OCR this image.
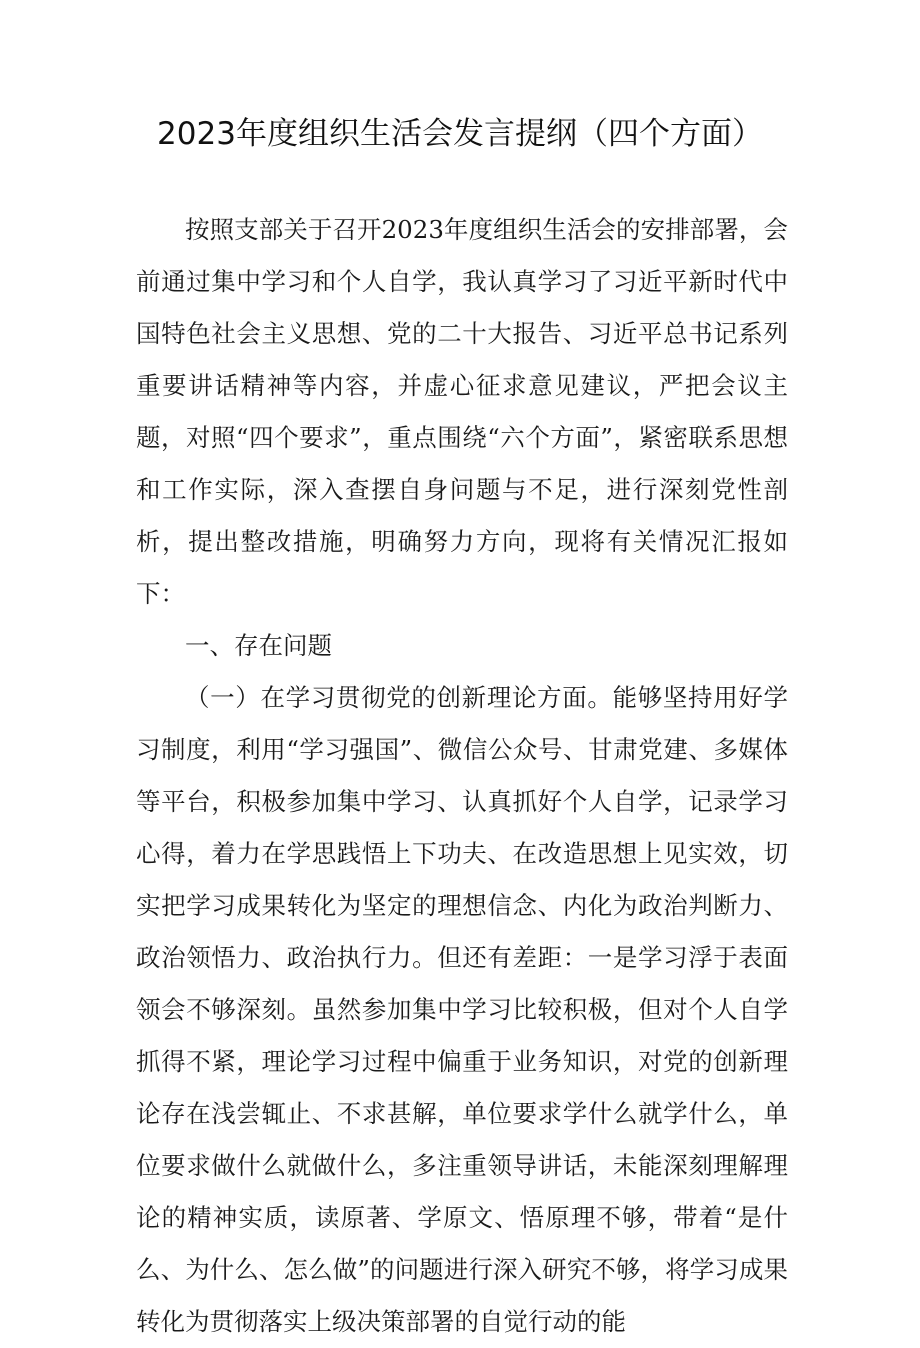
2023年度组织生活会发言提纲（四个方面）

按照支部关于召开2023年度组织生活会的安排部署，会前通过集中学习和个人自学，我认真学习了习近平新时代中国特色社会主义思想、党的二十大报告、习近平总书记系列重要讲话精神等内容，并虚心征求意见建议，严把会议主题，对照“四个要求”，重点围绕“六个方面”，紧密联系思想和工作实际，深入查摆自身问题与不足，进行深刻党性剖析，提出整改措施，明确努力方向，现将有关情况汇报如下：

一、存在问题

（一）在学习贯彻党的创新理论方面。能够坚持用好学习制度，利用“学习强国”、微信公众号、甘肃党建、多媒体等平台，积极参加集中学习、认真抓好个人自学，记录学习心得，着力在学思践悟上下功夫、在改造思想上见实效，切实把学习成果转化为坚定的理想信念、内化为政治判断力、政治领悟力、政治执行力。但还有差距：一是学习浮于表面领会不够深刻。虽然参加集中学习比较积极，但对个人自学抓得不紧，理论学习过程中偏重于业务知识，对党的创新理论存在浅尝辄止、不求甚解，单位要求学什么就学什么，单位要求做什么就做什么，多注重领导讲话，未能深刻理解理论的精神实质，读原著、学原文、悟原理不够，带着“是什么、为什么、怎么做”的问题进行深入研究不够，将学习成果转化为贯彻落实上级决策部署的自觉行动的能
